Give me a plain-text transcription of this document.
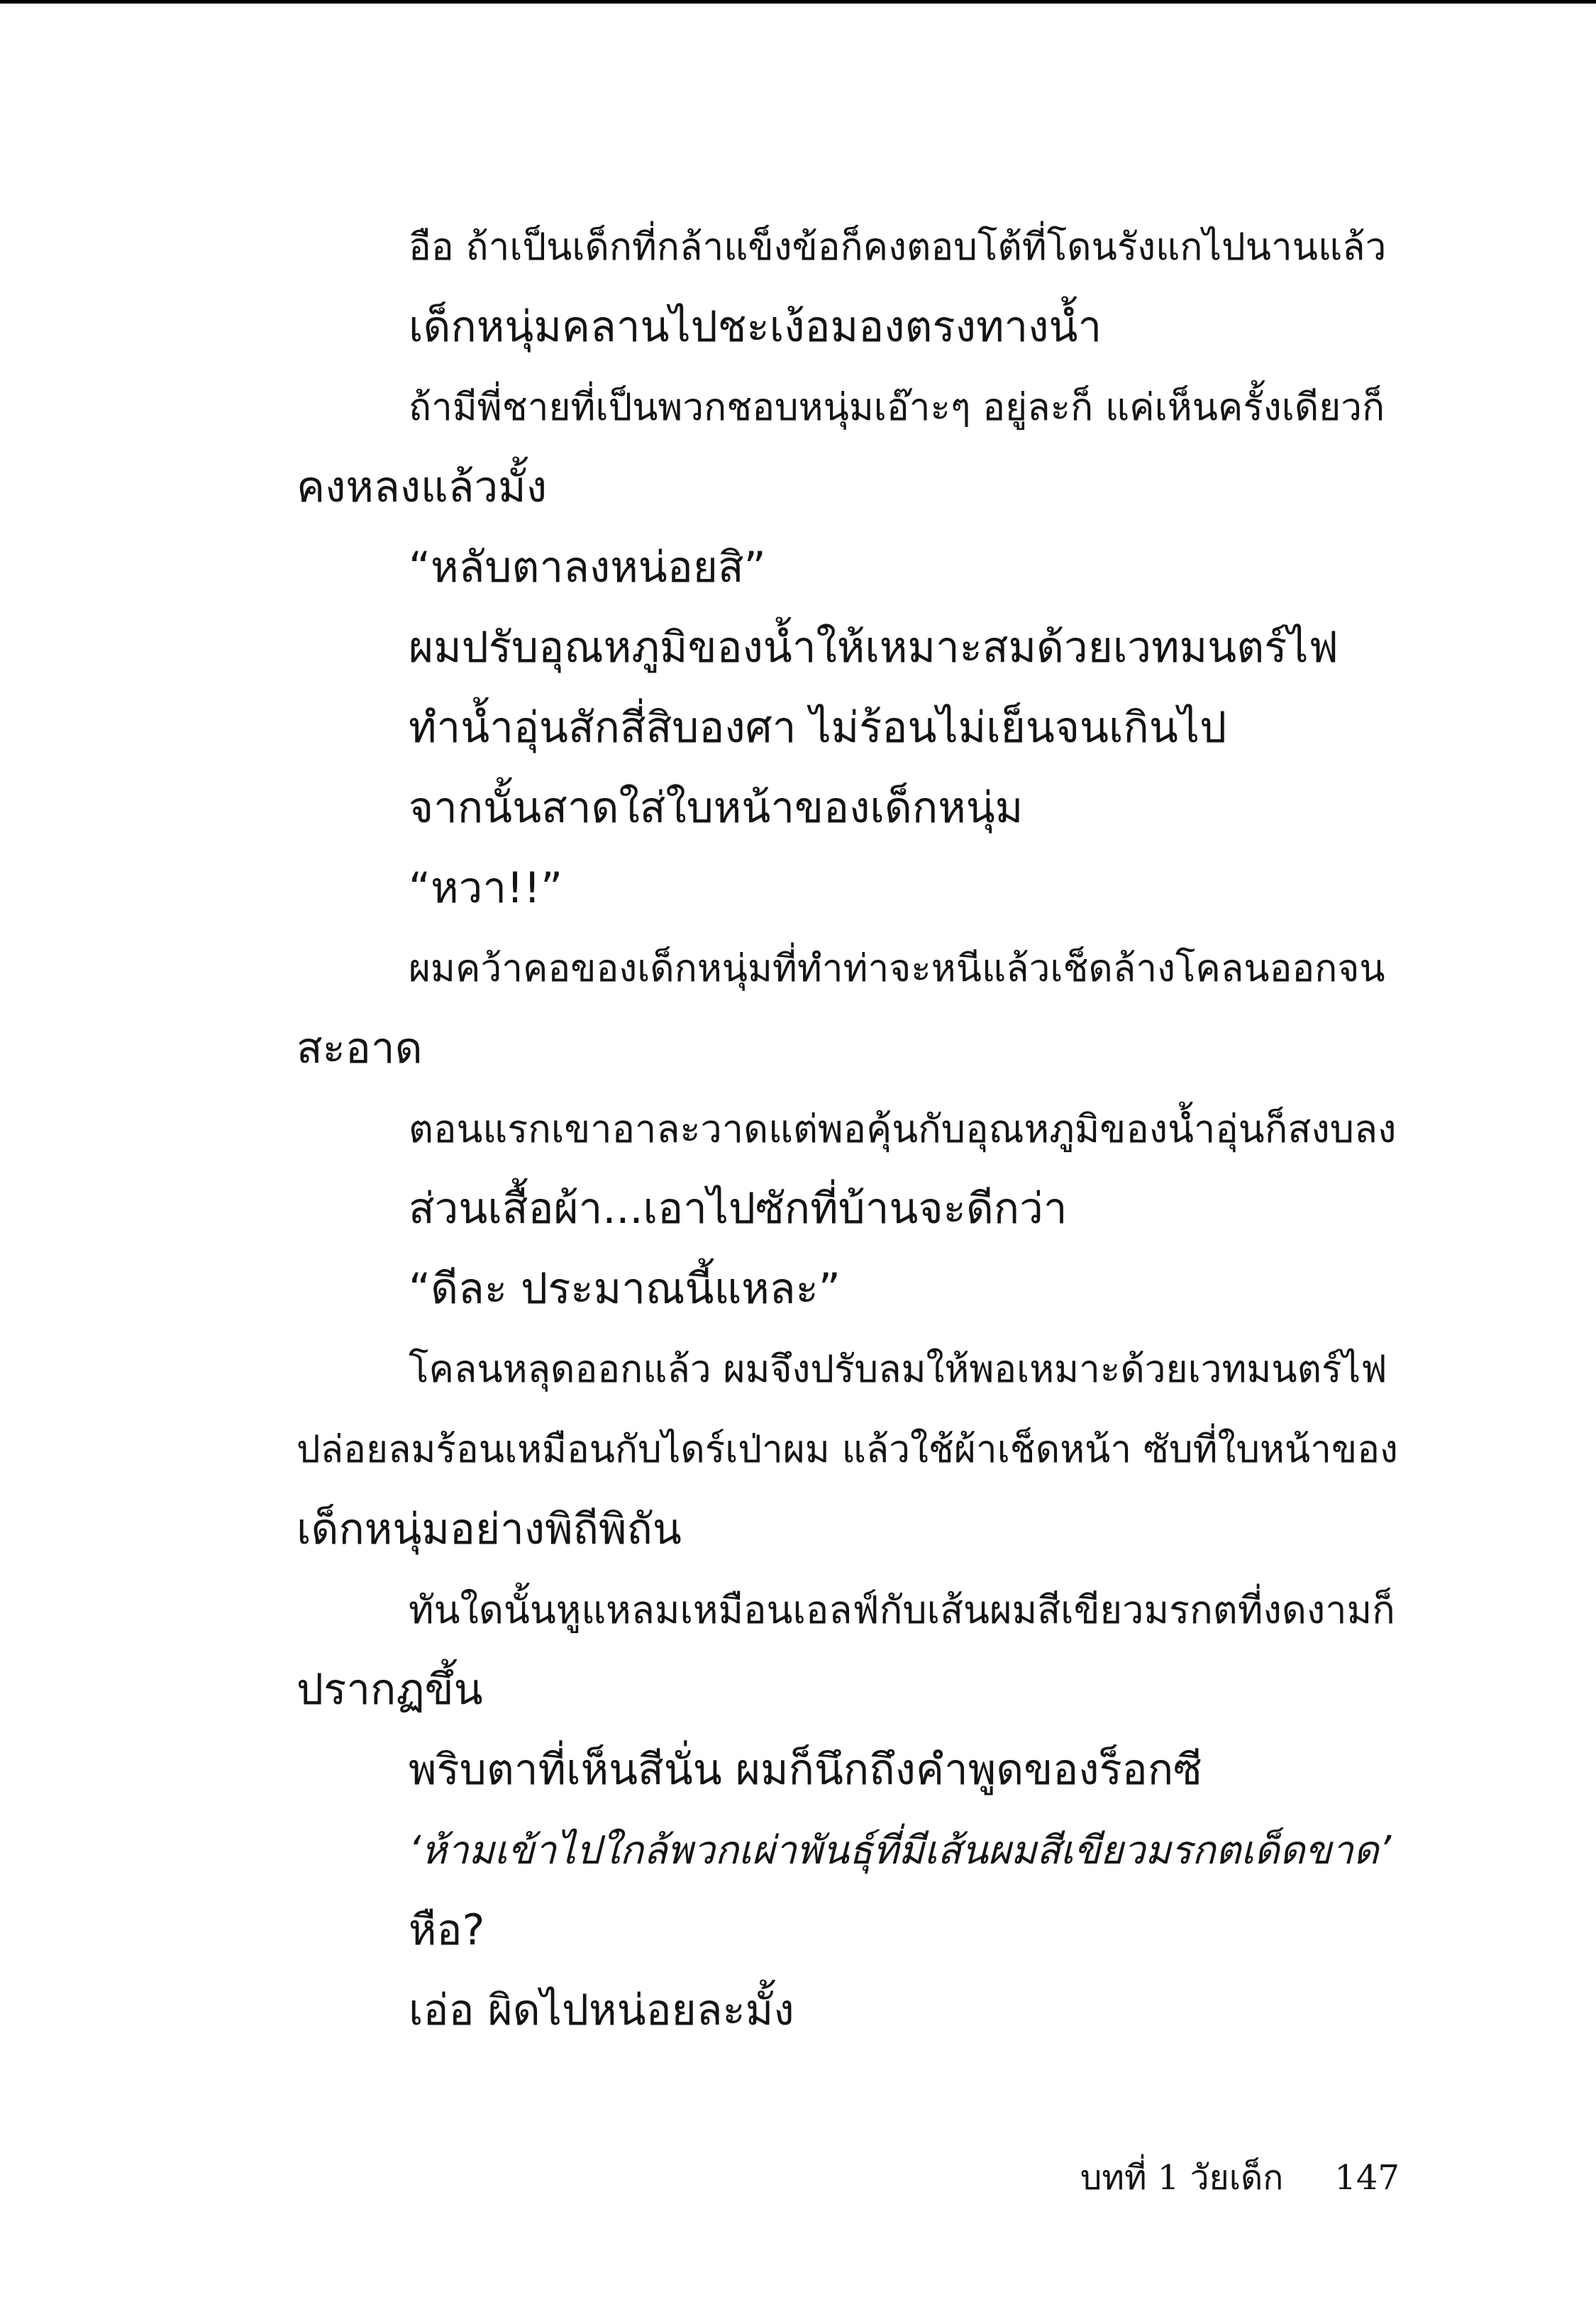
อือ ถ้าเป็นเด็กที่กล้าแข็งข้อก็คงตอบโต้ที่โดนรังแกไปนานแล้ว
เด็กหนุ่มคลานไปชะเง้อมองตรงทางน้ำ
ถ้ามีพี่ชายที่เป็นพวกชอบหนุ่มเอ๊าะๆ อยู่ละก็ แค่เห็นครั้งเดียวก็
คงหลงแล้วมั้ง
“หลับตาลงหน่อยสิ”
ผมปรับอุณหภูมิของน้ำให้เหมาะสมด้วยเวทมนตร์ไฟ
ทำน้ำอุ่นสักสี่สิบองศา ไม่ร้อนไม่เย็นจนเกินไป
จากนั้นสาดใส่ใบหน้าของเด็กหนุ่ม
“หวา!!”
ผมคว้าคอของเด็กหนุ่มที่ทำท่าจะหนีแล้วเช็ดล้างโคลนออกจน
สะอาด
ตอนแรกเขาอาละวาดแต่พอคุ้นกับอุณหภูมิของน้ำอุ่นก็สงบลง
ส่วนเสื้อผ้า...เอาไปซักที่บ้านจะดีกว่า
“ดีละ ประมาณนี้แหละ”
โคลนหลุดออกแล้ว ผมจึงปรับลมให้พอเหมาะด้วยเวทมนตร์ไฟ
ปล่อยลมร้อนเหมือนกับไดร์เป่าผม แล้วใช้ผ้าเช็ดหน้า ซับที่ใบหน้าของ
เด็กหนุ่มอย่างพิถีพิถัน
ทันใดนั้นหูแหลมเหมือนเอลฟ์กับเส้นผมสีเขียวมรกตที่งดงามก็
ปรากฏขึ้น
พริบตาที่เห็นสีนั่น ผมก็นึกถึงคำพูดของร็อกซี
‘ห้ามเข้าไปใกล้พวกเผ่าพันธุ์ที่มีเส้นผมสีเขียวมรกตเด็ดขาด’
หือ?
เอ่อ ผิดไปหน่อยละมั้ง
บทที่ 1 วัยเด็ก 147
